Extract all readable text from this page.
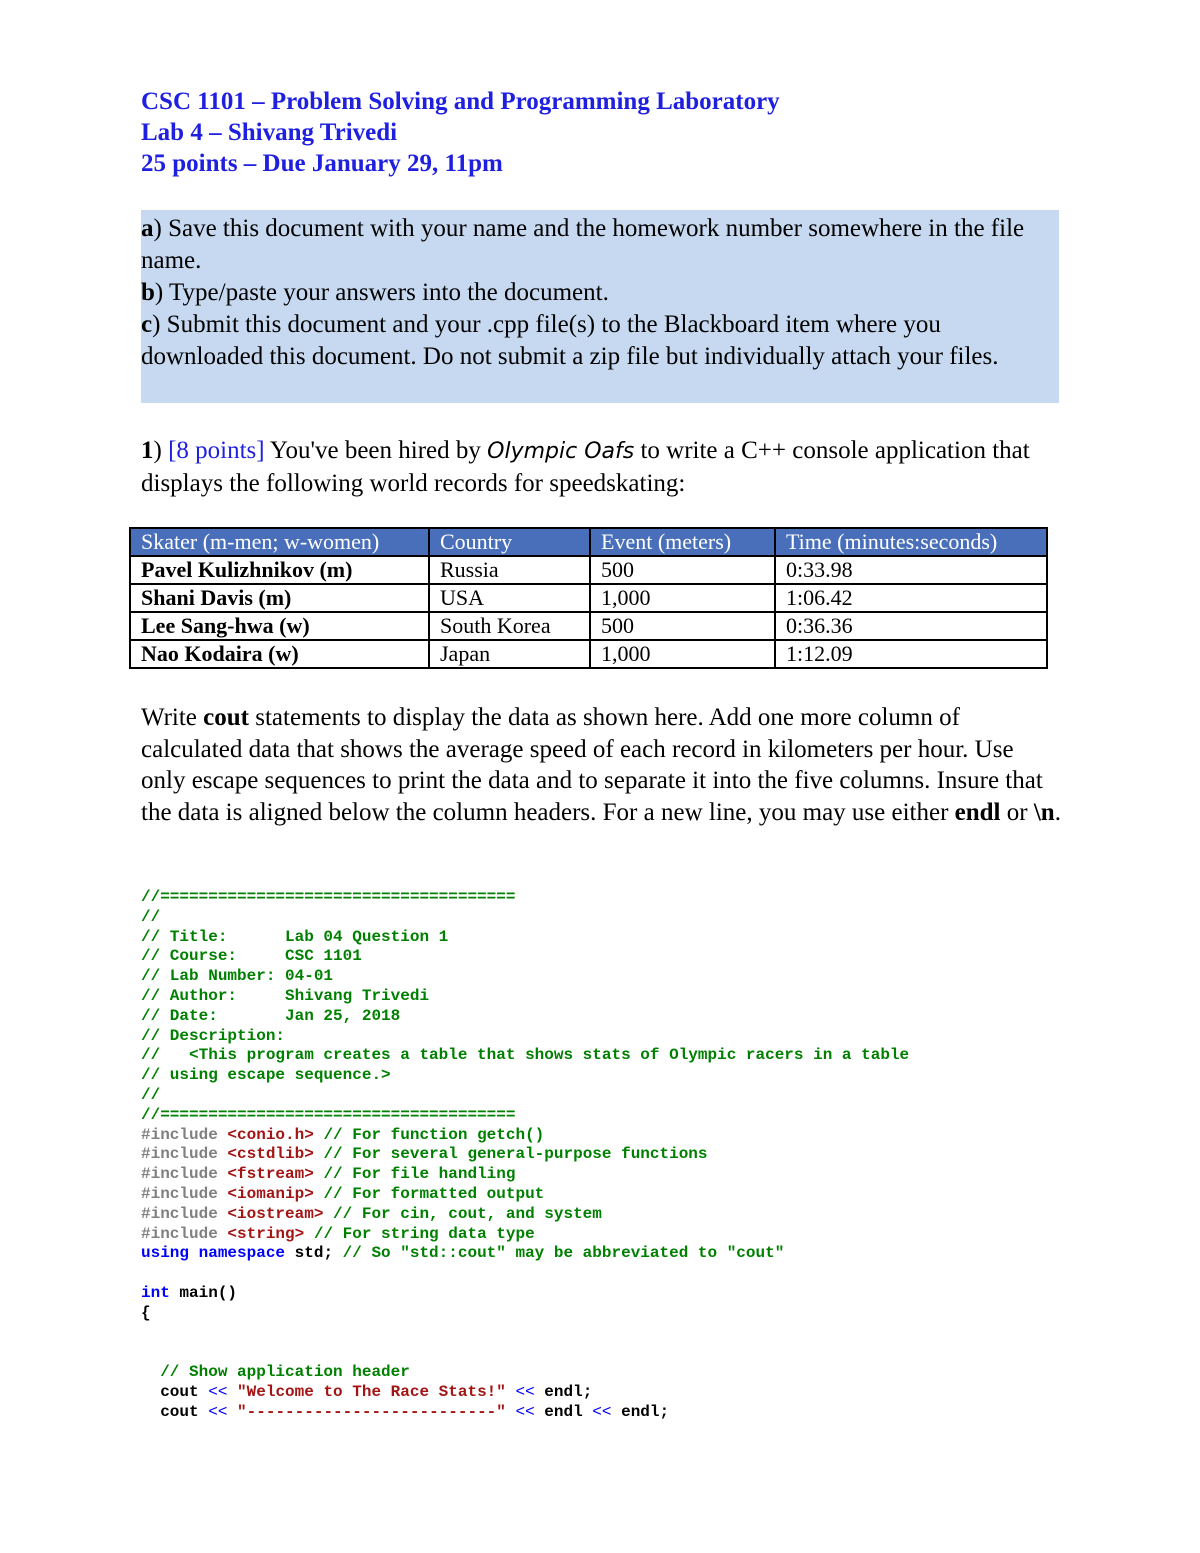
CSC 1101 – Problem Solving and Programming Laboratory
Lab 4 – Shivang Trivedi
25 points – Due January 29, 11pm

a) Save this document with your name and the homework number somewhere in the file name.

b) Type/paste your answers into the document.

c) Submit this document and your .cpp file(s) to the Blackboard item where you downloaded this document. Do not submit a zip file but individually attach your files.

1) [8 points] You've been hired by Olympic Oafs to write a C++ console application that displays the following world records for speedskating:
Skater (m-men; w-women)	Country	Event (meters)	Time (minutes:seconds)
Pavel Kulizhnikov (m)	Russia	500	0:33.98
Shani Davis (m)	USA	1,000	1:06.42
Lee Sang-hwa (w)	South Korea	500	0:36.36
Nao Kodaira (w)	Japan	1,000	1:12.09

Write cout statements to display the data as shown here. Add one more column of calculated data that shows the average speed of each record in kilometers per hour. Use only escape sequences to print the data and to separate it into the five columns. Insure that the data is aligned below the column headers. For a new line, you may use either endl or \n.

//=====================================
//
// Title:      Lab 04 Question 1
// Course:     CSC 1101
// Lab Number: 04-01
// Author:     Shivang Trivedi
// Date:       Jan 25, 2018
// Description:
//   <This program creates a table that shows stats of Olympic racers in a table
// using escape sequence.>
//
//=====================================
#include <conio.h> // For function getch()
#include <cstdlib> // For several general-purpose functions
#include <fstream> // For file handling
#include <iomanip> // For formatted output
#include <iostream> // For cin, cout, and system
#include <string> // For string data type
using namespace std; // So "std::cout" may be abbreviated to "cout"

int main()
{

// Show application header
cout << "Welcome to The Race Stats!" << endl;
cout << "--------------------------" << endl << endl;
